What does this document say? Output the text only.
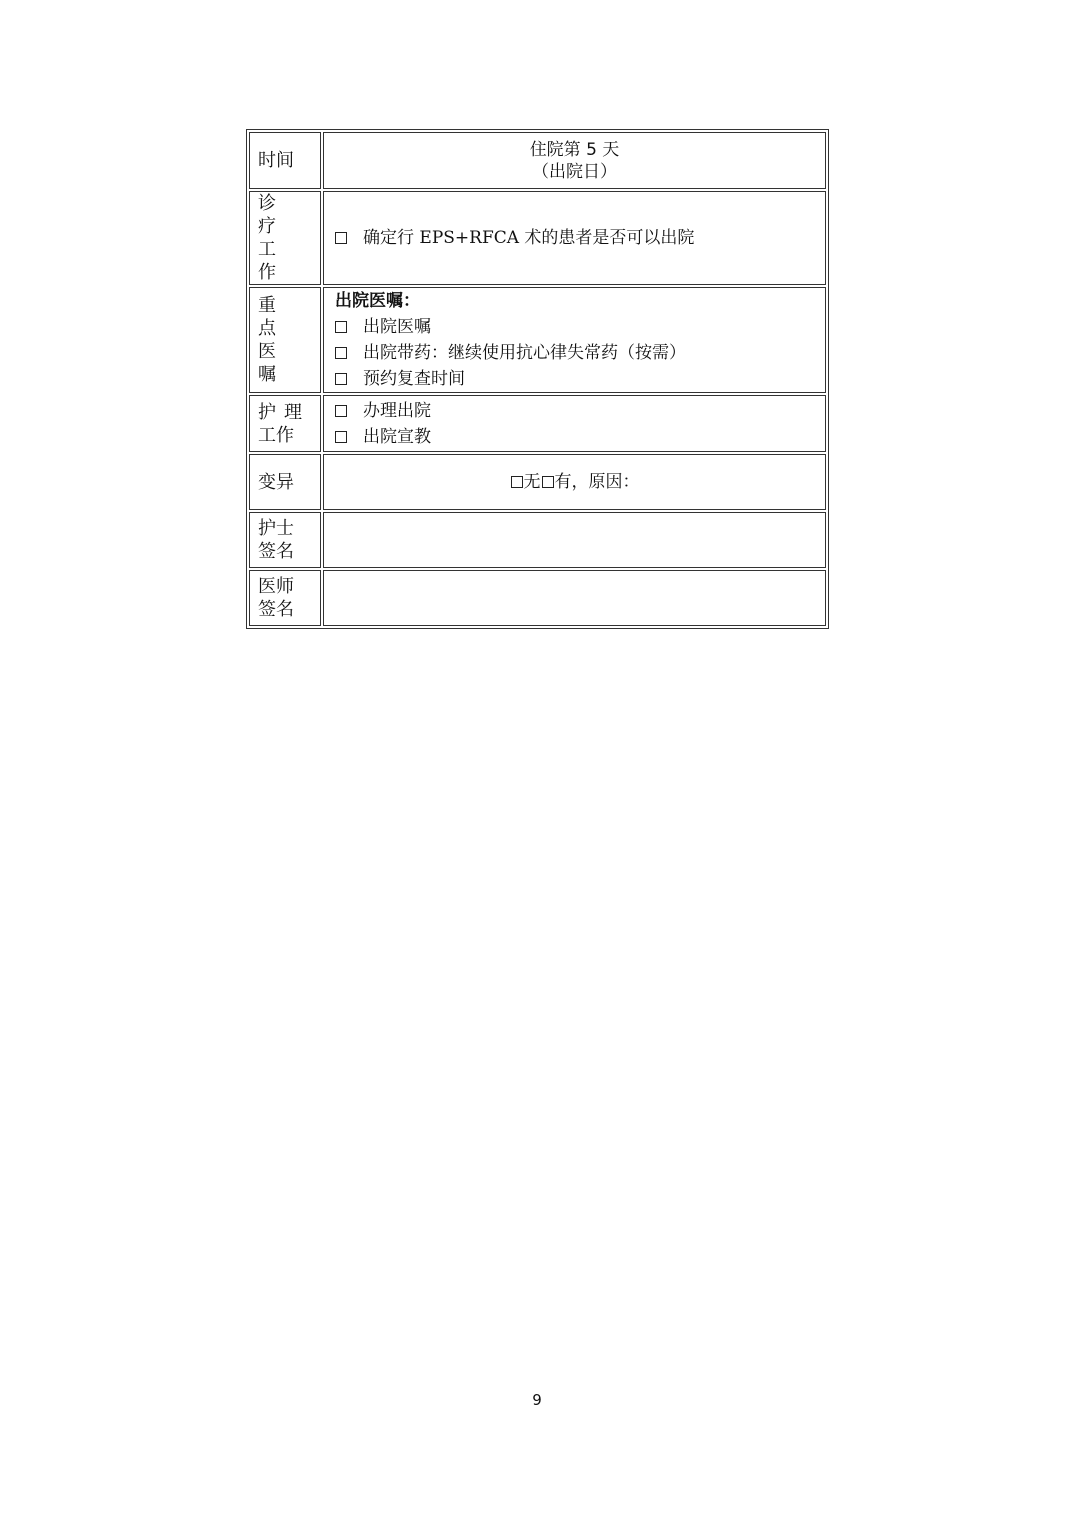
时间	住院第 5 天
（出院日）

诊
疗
工
作	确定行 EPS+RFCA 术的患者是否可以出院

重
点
医
嘱	出院医嘱：
出院医嘱
出院带药：继续使用抗心律失常药（按需）
预约复查时间

护理
工作	办理出院
出院宣教

变异	无 有，原因：

护士
签名	

医师
签名	

9
